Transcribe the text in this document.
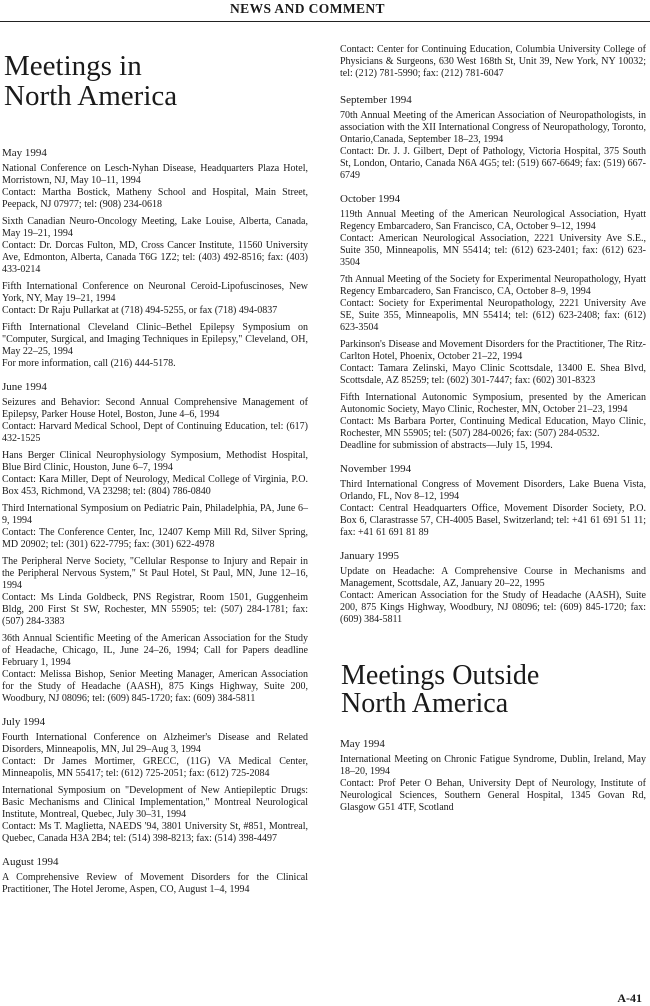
NEWS AND COMMENT
Meetings in
North America
May 1994

National Conference on Lesch-Nyhan Disease, Headquarters Plaza Hotel, Morristown, NJ, May 10–11, 1994

Contact: Martha Bostick, Matheny School and Hospital, Main Street, Peepack, NJ 07977; tel: (908) 234-0618

Sixth Canadian Neuro-Oncology Meeting, Lake Louise, Alberta, Canada, May 19–21, 1994

Contact: Dr. Dorcas Fulton, MD, Cross Cancer Institute, 11560 University Ave, Edmonton, Alberta, Canada T6G 1Z2; tel: (403) 492-8516; fax: (403) 433-0214

Fifth International Conference on Neuronal Ceroid-Lipofuscinoses, New York, NY, May 19–21, 1994

Contact: Dr Raju Pullarkat at (718) 494-5255, or fax (718) 494-0837

Fifth International Cleveland Clinic–Bethel Epilepsy Symposium on "Computer, Surgical, and Imaging Techniques in Epilepsy," Cleveland, OH, May 22–25, 1994

For more information, call (216) 444-5178.

June 1994

Seizures and Behavior: Second Annual Comprehensive Management of Epilepsy, Parker House Hotel, Boston, June 4–6, 1994

Contact: Harvard Medical School, Dept of Continuing Education, tel: (617) 432-1525

Hans Berger Clinical Neurophysiology Symposium, Methodist Hospital, Blue Bird Clinic, Houston, June 6–7, 1994

Contact: Kara Miller, Dept of Neurology, Medical College of Virginia, P.O. Box 453, Richmond, VA 23298; tel: (804) 786-0840

Third International Symposium on Pediatric Pain, Philadelphia, PA, June 6–9, 1994

Contact: The Conference Center, Inc, 12407 Kemp Mill Rd, Silver Spring, MD 20902; tel: (301) 622-7795; fax: (301) 622-4978

The Peripheral Nerve Society, "Cellular Response to Injury and Repair in the Peripheral Nervous System," St Paul Hotel, St Paul, MN, June 12–16, 1994

Contact: Ms Linda Goldbeck, PNS Registrar, Room 1501, Guggenheim Bldg, 200 First St SW, Rochester, MN 55905; tel: (507) 284-1781; fax: (507) 284-3383

36th Annual Scientific Meeting of the American Association for the Study of Headache, Chicago, IL, June 24–26, 1994; Call for Papers deadline February 1, 1994

Contact: Melissa Bishop, Senior Meeting Manager, American Association for the Study of Headache (AASH), 875 Kings Highway, Suite 200, Woodbury, NJ 08096; tel: (609) 845-1720; fax: (609) 384-5811

July 1994

Fourth International Conference on Alzheimer's Disease and Related Disorders, Minneapolis, MN, Jul 29–Aug 3, 1994

Contact: Dr James Mortimer, GRECC, (11G) VA Medical Center, Minneapolis, MN 55417; tel: (612) 725-2051; fax: (612) 725-2084

International Symposium on "Development of New Antiepileptic Drugs: Basic Mechanisms and Clinical Implementation," Montreal Neurological Institute, Montreal, Quebec, July 30–31, 1994

Contact: Ms T. Maglietta, NAEDS '94, 3801 University St, #851, Montreal, Quebec, Canada H3A 2B4; tel: (514) 398-8213; fax: (514) 398-4497

August 1994

A Comprehensive Review of Movement Disorders for the Clinical Practitioner, The Hotel Jerome, Aspen, CO, August 1–4, 1994

Contact: Center for Continuing Education, Columbia University College of Physicians & Surgeons, 630 West 168th St, Unit 39, New York, NY 10032; tel: (212) 781-5990; fax: (212) 781-6047

September 1994

70th Annual Meeting of the American Association of Neuropathologists, in association with the XII International Congress of Neuropathology, Toronto, Ontario,Canada, September 18–23, 1994

Contact: Dr. J. J. Gilbert, Dept of Pathology, Victoria Hospital, 375 South St, London, Ontario, Canada N6A 4G5; tel: (519) 667-6649; fax: (519) 667-6749

October 1994

119th Annual Meeting of the American Neurological Association, Hyatt Regency Embarcadero, San Francisco, CA, October 9–12, 1994

Contact: American Neurological Association, 2221 University Ave S.E., Suite 350, Minneapolis, MN 55414; tel: (612) 623-2401; fax: (612) 623-3504

7th Annual Meeting of the Society for Experimental Neuropathology, Hyatt Regency Embarcadero, San Francisco, CA, October 8–9, 1994

Contact: Society for Experimental Neuropathology, 2221 University Ave SE, Suite 355, Minneapolis, MN 55414; tel: (612) 623-2408; fax: (612) 623-3504

Parkinson's Disease and Movement Disorders for the Practitioner, The Ritz-Carlton Hotel, Phoenix, October 21–22, 1994

Contact: Tamara Zelinski, Mayo Clinic Scottsdale, 13400 E. Shea Blvd, Scottsdale, AZ 85259; tel: (602) 301-7447; fax: (602) 301-8323

Fifth International Autonomic Symposium, presented by the American Autonomic Society, Mayo Clinic, Rochester, MN, October 21–23, 1994

Contact: Ms Barbara Porter, Continuing Medical Education, Mayo Clinic, Rochester, MN 55905; tel: (507) 284-0026; fax: (507) 284-0532.

Deadline for submission of abstracts—July 15, 1994.

November 1994

Third International Congress of Movement Disorders, Lake Buena Vista, Orlando, FL, Nov 8–12, 1994

Contact: Central Headquarters Office, Movement Disorder Society, P.O. Box 6, Clarastrasse 57, CH-4005 Basel, Switzerland; tel: +41 61 691 51 11; fax: +41 61 691 81 89

January 1995

Update on Headache: A Comprehensive Course in Mechanisms and Management, Scottsdale, AZ, January 20–22, 1995

Contact: American Association for the Study of Headache (AASH), Suite 200, 875 Kings Highway, Woodbury, NJ 08096; tel: (609) 845-1720; fax: (609) 384-5811

Meetings Outside
North America
May 1994

International Meeting on Chronic Fatigue Syndrome, Dublin, Ireland, May 18–20, 1994

Contact: Prof Peter O Behan, University Dept of Neurology, Institute of Neurological Sciences, Southern General Hospital, 1345 Govan Rd, Glasgow G51 4TF, Scotland

A-41
